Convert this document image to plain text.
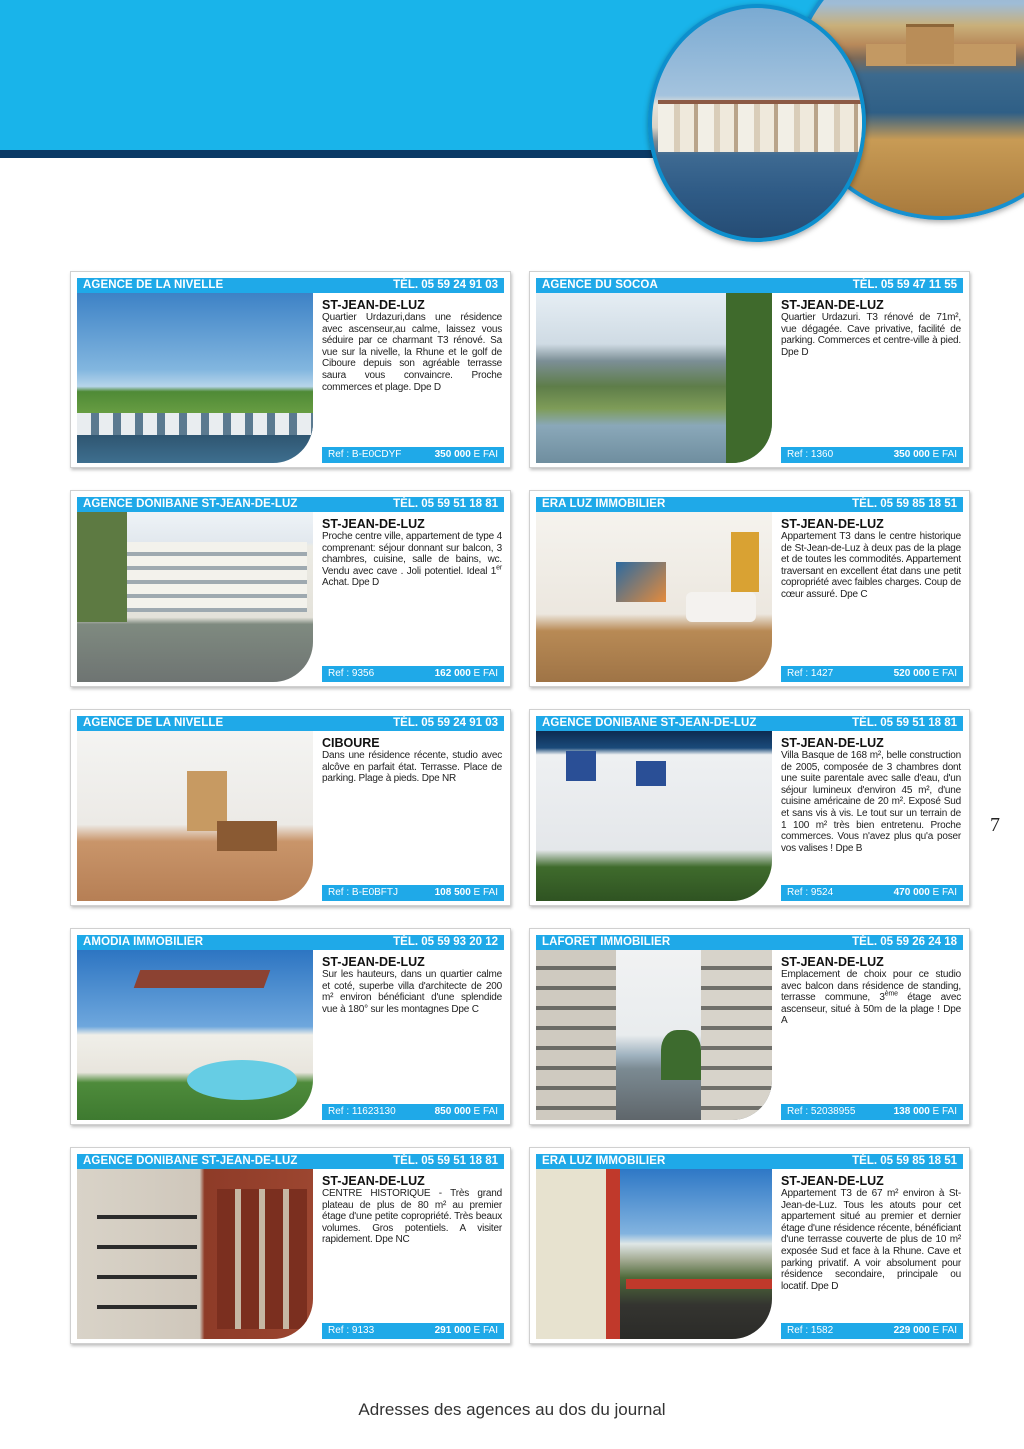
AGENCE DE LA NIVELLE	TÉL. 05 59 24 91 03
ST-JEAN-DE-LUZ
Quartier Urdazuri,dans une résidence avec ascenseur,au calme, laissez vous séduire par ce charmant T3 rénové. Sa vue sur la nivelle, la Rhune et le golf de Ciboure depuis son agréable terrasse saura vous convaincre. Proche commerces et plage. Dpe D
Ref : B-E0CDYF	350 000 E FAI
AGENCE DU SOCOA	TÉL. 05 59 47 11 55
ST-JEAN-DE-LUZ
Quartier Urdazuri. T3 rénové de 71m², vue dégagée. Cave privative, facilité de parking. Commerces et centre-ville à pied. Dpe D
Ref : 1360	350 000 E FAI
AGENCE DONIBANE ST-JEAN-DE-LUZ	TÉL. 05 59 51 18 81
ST-JEAN-DE-LUZ
Proche centre ville, appartement de type 4 comprenant: séjour donnant sur balcon, 3 chambres, cuisine, salle de bains, wc. Vendu avec cave . Joli potentiel. Ideal 1er Achat. Dpe D
Ref : 9356	162 000 E FAI
ERA LUZ IMMOBILIER	TÉL. 05 59 85 18 51
ST-JEAN-DE-LUZ
Appartement T3 dans le centre historique de St-Jean-de-Luz à deux pas de la plage et de toutes les commodités. Appartement traversant en excellent état dans une petit copropriété avec faibles charges. Coup de cœur assuré. Dpe C
Ref : 1427	520 000 E FAI
AGENCE DE LA NIVELLE	TÉL. 05 59 24 91 03
CIBOURE
Dans une résidence récente, studio avec alcôve en parfait état. Terrasse. Place de parking. Plage à pieds. Dpe NR
Ref : B-E0BFTJ	108 500 E FAI
AGENCE DONIBANE ST-JEAN-DE-LUZ	TÉL. 05 59 51 18 81
ST-JEAN-DE-LUZ
Villa Basque de 168 m², belle construction de 2005, composée de 3 chambres dont une suite parentale avec salle d'eau, d'un séjour lumineux d'environ 45 m², d'une cuisine américaine de 20 m². Exposé Sud et sans vis à vis. Le tout sur un terrain de 1 100 m² très bien entretenu. Proche commerces. Vous n'avez plus qu'a poser vos valises ! Dpe B
Ref : 9524	470 000 E FAI
AMODIA IMMOBILIER	TÉL. 05 59 93 20 12
ST-JEAN-DE-LUZ
Sur les hauteurs, dans un quartier calme et coté, superbe villa d'architecte de 200 m² environ bénéficiant d'une splendide vue à 180° sur les montagnes Dpe C
Ref : 11623130	850 000 E FAI
LAFORET IMMOBILIER	TÉL. 05 59 26 24 18
ST-JEAN-DE-LUZ
Emplacement de choix pour ce studio avec balcon dans résidence de standing, terrasse commune, 3ème étage avec ascenseur, situé à 50m de la plage ! Dpe A
Ref : 52038955	138 000 E FAI
AGENCE DONIBANE ST-JEAN-DE-LUZ	TÉL. 05 59 51 18 81
ST-JEAN-DE-LUZ
CENTRE HISTORIQUE - Très grand plateau de plus de 80 m² au premier étage d'une petite copropriété. Très beaux volumes. Gros potentiels. A visiter rapidement. Dpe NC
Ref : 9133	291 000 E FAI
ERA LUZ IMMOBILIER	TÉL. 05 59 85 18 51
ST-JEAN-DE-LUZ
Appartement T3 de 67 m² environ à St-Jean-de-Luz. Tous les atouts pour cet appartement situé au premier et dernier étage d'une résidence récente, bénéficiant d'une terrasse couverte de plus de 10 m² exposée Sud et face à la Rhune. Cave et parking privatif. A voir absolument pour résidence secondaire, principale ou locatif. Dpe D
Ref : 1582	229 000 E FAI
7
Adresses des agences au dos du journal
